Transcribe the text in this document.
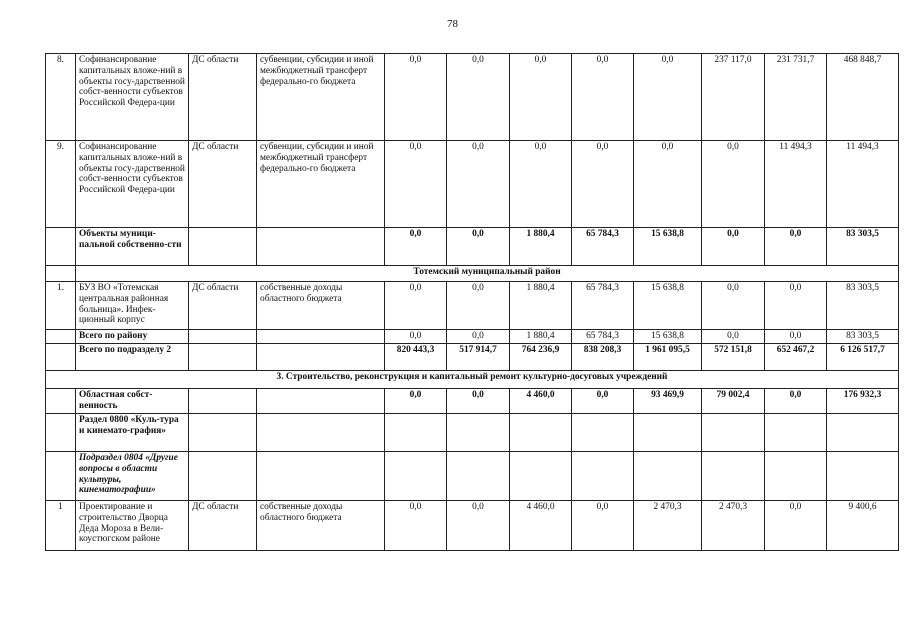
78
8.	Софинансирование капитальных вложе-ний в объекты госу-дарственной собст-венности субъектов Российской Федера-ции	ДС области	субвенции, субсидии и иной межбюджетный трансферт федерально-го бюджета	0,0	0,0	0,0	0,0	0,0	237 117,0	231 731,7	468 848,7
9.	Софинансирование капитальных вложе-ний в объекты госу-дарственной собст-венности субъектов Российской Федера-ции	ДС области	субвенции, субсидии и иной межбюджетный трансферт федерально-го бюджета	0,0	0,0	0,0	0,0	0,0	0,0	11 494,3	11 494,3
	Объекты муници-пальной собственно-сти			0,0	0,0	1 880,4	65 784,3	15 638,8	0,0	0,0	83 303,5
	Тотемский муниципальный район										
1.	БУЗ ВО «Тотемская центральная районная больница». Инфек-ционный корпус	ДС области	собственные доходы областного бюджета	0,0	0,0	1 880,4	65 784,3	15 638,8	0,0	0,0	83 303,5
	Всего по району			0,0	0,0	1 880,4	65 784,3	15 638,8	0,0	0,0	83 303,5
	Всего по подразделу 2			820 443,3	517 914,7	764 236,9	838 208,3	1 961 095,5	572 151,8	652 467,2	6 126 517,7
3. Строительство, реконструкция и капитальный ремонт культурно-досуговых учреждений											
	Областная собст-венность			0,0	0,0	4 460,0	0,0	93 469,9	79 002,4	0,0	176 932,3
	Раздел 0800 «Куль-тура и кинемато-графия»										
	Подраздел 0804 «Другие вопросы в области культуры, кинематографии»										
1	Проектирование и строительство Дворца Деда Мороза в Вели-коустюгском районе	ДС области	собственные доходы областного бюджета	0,0	0,0	4 460,0	0,0	2 470,3	2 470,3	0,0	9 400,6
